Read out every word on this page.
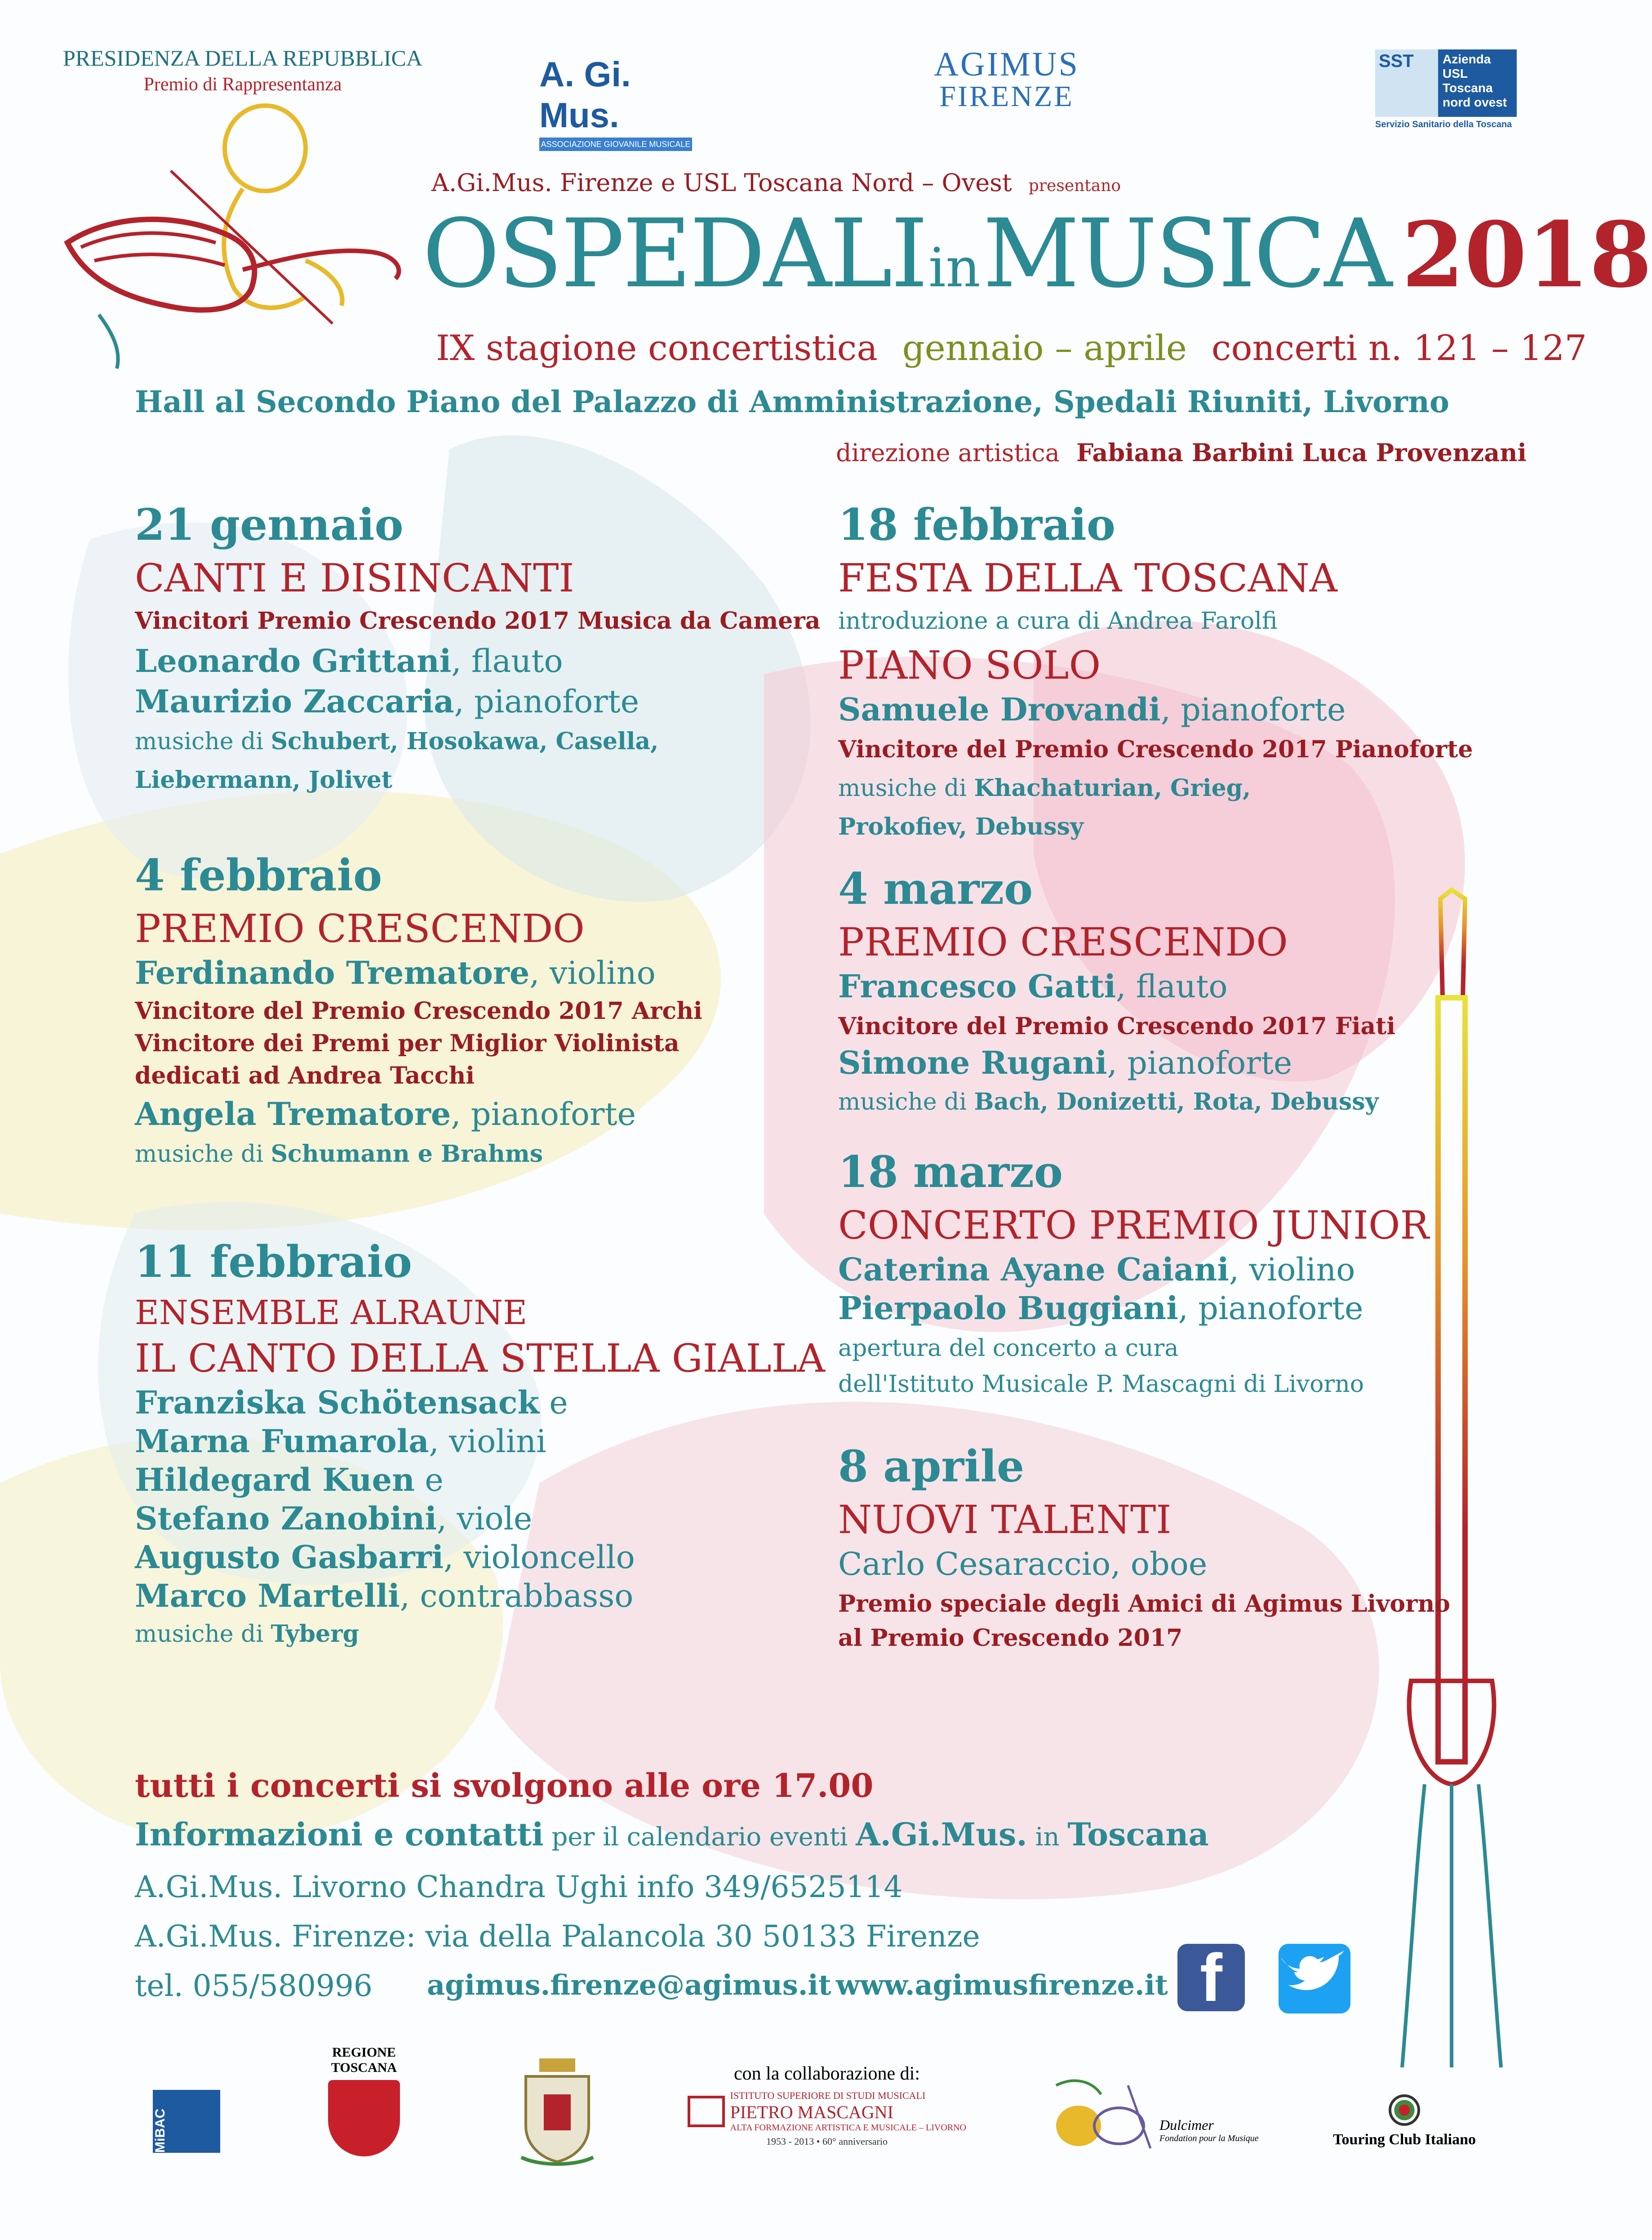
PRESIDENZA DELLA REPUBBLICA
Premio di Rappresentanza	A. Gi. Mus.
ASSOCIAZIONE GIOVANILE MUSICALE
AGIMUS
FIRENZE
SST Azienda
USL
Toscana
nord ovest
Servizio Sanitario della Toscana
A.Gi.Mus. Firenze e USL Toscana Nord – Ovest presentano
OSPEDALI in MUSICA 2018
IX stagione concertistica gennaio – aprile concerti n. 121 – 127
Hall al Secondo Piano del Palazzo di Amministrazione, Spedali Riuniti, Livorno
direzione artistica Fabiana Barbini Luca Provenzani
21 gennaio
CANTI E DISINCANTI
Vincitori Premio Crescendo 2017 Musica da Camera
Leonardo Grittani, flauto
Maurizio Zaccaria, pianoforte
musiche di Schubert, Hosokawa, Casella,
Liebermann, Jolivet
4 febbraio
PREMIO CRESCENDO
Ferdinando Trematore, violino
Vincitore del Premio Crescendo 2017 Archi
Vincitore dei Premi per Miglior Violinista
dedicati ad Andrea Tacchi
Angela Trematore, pianoforte
musiche di Schumann e Brahms
11 febbraio
ENSEMBLE ALRAUNE
IL CANTO DELLA STELLA GIALLA
Franziska Schötensack e
Marna Fumarola, violini
Hildegard Kuen e
Stefano Zanobini, viole
Augusto Gasbarri, violoncello
Marco Martelli, contrabbasso
musiche di Tyberg
18 febbraio
FESTA DELLA TOSCANA
introduzione a cura di Andrea Farolfi
PIANO SOLO
Samuele Drovandi, pianoforte
Vincitore del Premio Crescendo 2017 Pianoforte
musiche di Khachaturian, Grieg,
Prokofiev, Debussy
4 marzo
PREMIO CRESCENDO
Francesco Gatti, flauto
Vincitore del Premio Crescendo 2017 Fiati
Simone Rugani, pianoforte
musiche di Bach, Donizetti, Rota, Debussy
18 marzo
CONCERTO PREMIO JUNIOR
Caterina Ayane Caiani, violino
Pierpaolo Buggiani, pianoforte
apertura del concerto a cura
dell'Istituto Musicale P. Mascagni di Livorno
8 aprile
NUOVI TALENTI
Carlo Cesaraccio, oboe
Premio speciale degli Amici di Agimus Livorno
al Premio Crescendo 2017
tutti i concerti si svolgono alle ore 17.00
Informazioni e contatti per il calendario eventi A.Gi.Mus. in Toscana
A.Gi.Mus. Livorno Chandra Ughi info 349/6525114
A.Gi.Mus. Firenze: via della Palancola 30 50133 Firenze
tel. 055/580996 agimus.firenze@agimus.it www.agimusfirenze.it f
MiBAC
REGIONE
TOSCANA	con la collaborazione di:
ISTITUTO SUPERIORE DI STUDI MUSICALI
PIETRO MASCAGNI
ALTA FORMAZIONE ARTISTICA E MUSICALE – LIVORNO
1953 - 2013 • 60° anniversario
Dulcimer
Fondation pour la Musique	Touring Club Italiano
